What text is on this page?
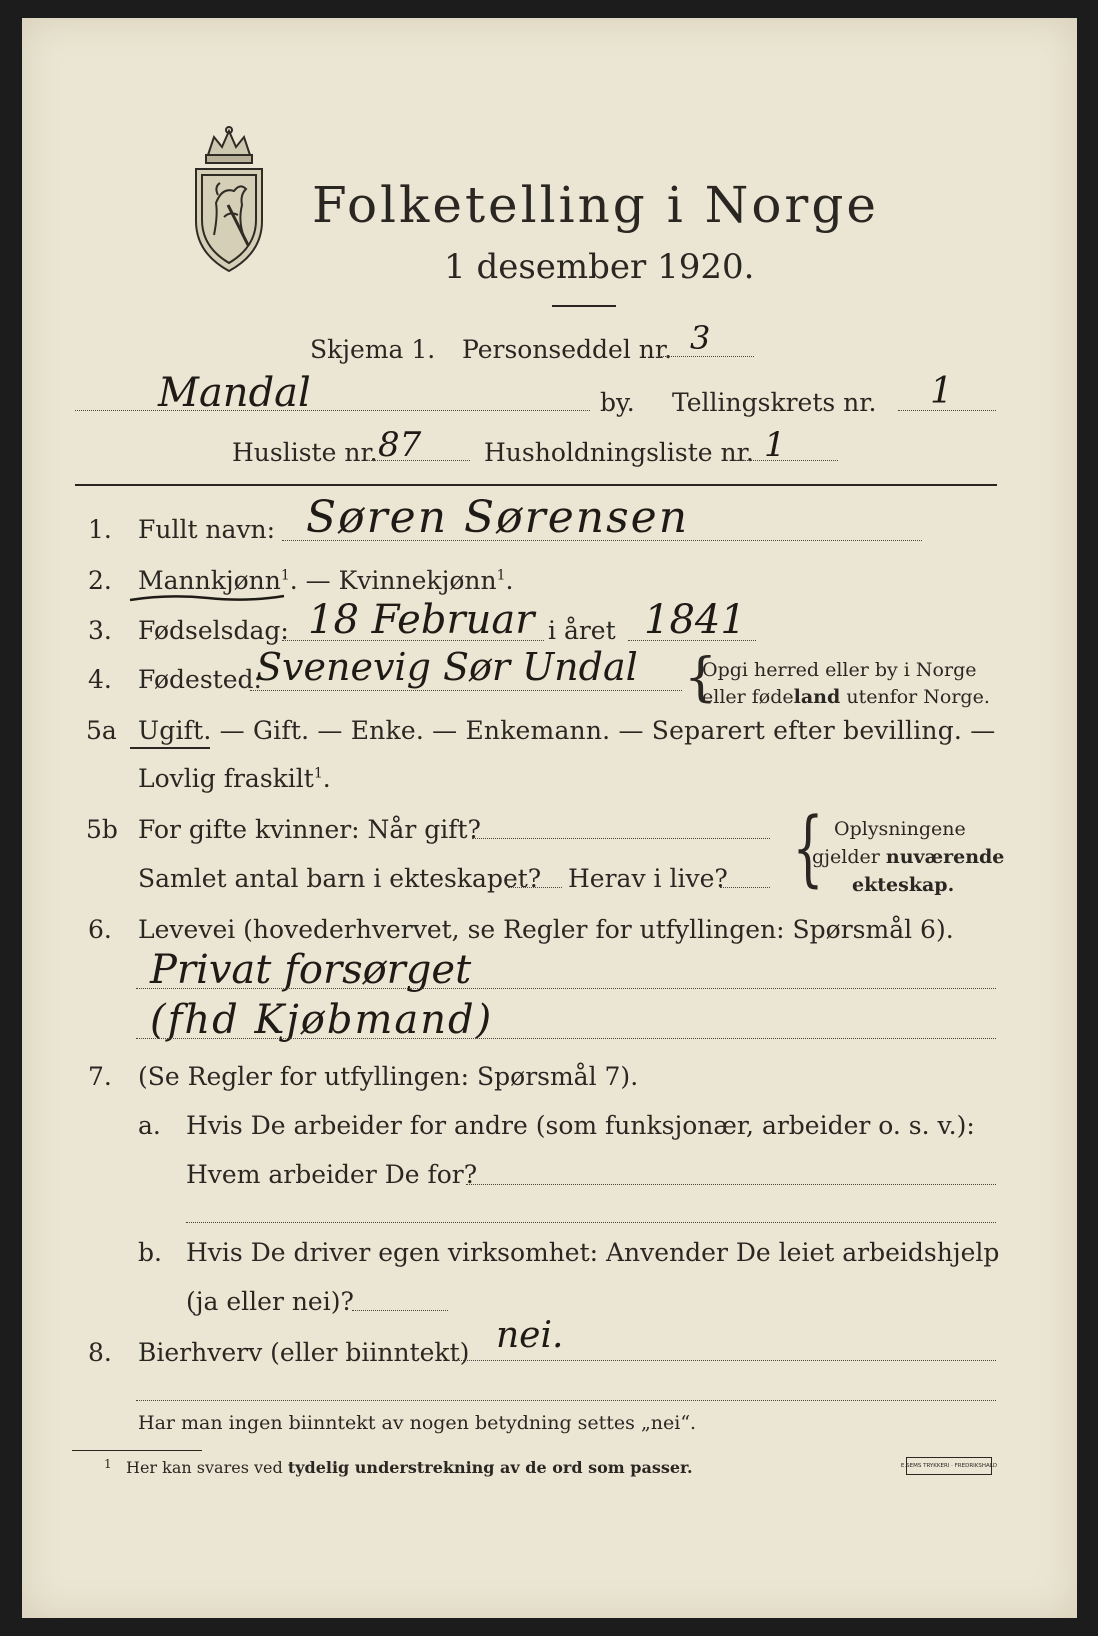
Folketelling i Norge
1 desember 1920.
Skjema 1. Personseddel nr. 3
Mandal	by. Tellingskrets nr. 1
Husliste nr. 87	Husholdningsliste nr. 1
1. Fullt navn: Søren Sørensen
2. Mannkjønn$^1$. — Kvinnekjønn$^1$.
3. Fødselsdag: 18 Februar i året 1841
4. Fødested:
Svenevig Sør Undal {
Opgi herred eller by i Norge
eller fødeland utenfor Norge.
5a Ugift. — Gift. — Enke. — Enkemann. — Separert efter bevilling. —
Lovlig fraskilt$^1$.
5b For gifte kvinner: Når gift?
Samlet antal barn i ekteskapet? Herav i live? { Oplysningene
gjelder nuværende
ekteskap.
6. Levevei (hovederhvervet, se Regler for utfyllingen: Spørsmål 6).
Privat forsørget
(fhd Kjøbmand)
7. (Se Regler for utfyllingen: Spørsmål 7).
a. Hvis De arbeider for andre (som funksjonær, arbeider o. s. v.):
Hvem arbeider De for?
b. Hvis De driver egen virksomhet: Anvender De leiet arbeidshjelp
(ja eller nei)?
8. Bierhverv (eller biinntekt) nei.
Har man ingen biinntekt av nogen betydning settes „nei“.
1 Her kan svares ved tydelig understrekning av de ord som passer.	E.SEMS TRYKKERI · FREDRIKSHALD
